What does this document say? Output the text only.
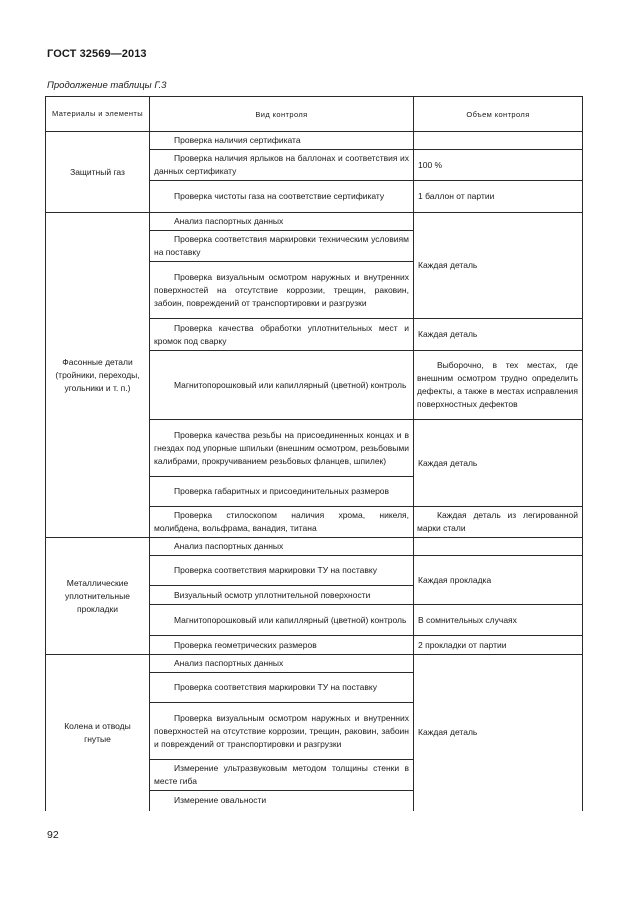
ГОСТ 32569—2013
Продолжение таблицы Г.3
Материалы и элементы	Вид контроля	Объем контроля
Защитный газ	Проверка наличия сертификата	
	Проверка наличия ярлыков на баллонах и соответствия их данных сертификату	100 %
	Проверка чистоты газа на соответствие сертификату	1 баллон от партии
Фасонные детали (тройники, переходы, угольники и т. п.)	Анализ паспортных данных	Каждая деталь
	Проверка соответствия маркировки техническим условиям на поставку	
	Проверка визуальным осмотром наружных и внутренних поверхностей на отсутствие коррозии, трещин, раковин, забоин, повреждений от транспортировки и разгрузки	
	Проверка качества обработки уплотнительных мест и кромок под сварку	Каждая деталь
	Магнитопорошковый или капиллярный (цветной) контроль	Выборочно, в тех местах, где внешним осмотром трудно определить дефекты, а также в местах исправления поверхностных дефектов
	Проверка качества резьбы на присоединенных концах и в гнездах под упорные шпильки (внешним осмотром, резьбовыми калибрами, прокручиванием резьбовых фланцев, шпилек)	Каждая деталь
	Проверка габаритных и присоединительных размеров	
	Проверка стилоскопом наличия хрома, никеля, молибдена, вольфрама, ванадия, титана	Каждая деталь из легированной марки стали
Металлические уплотнительные прокладки	Анализ паспортных данных	
	Проверка соответствия маркировки ТУ на поставку	Каждая прокладка
	Визуальный осмотр уплотнительной поверхности	
	Магнитопорошковый или капиллярный (цветной) контроль	В сомнительных случаях
	Проверка геометрических размеров	2 прокладки от партии
Колена и отводы гнутые	Анализ паспортных данных	Каждая деталь
	Проверка соответствия маркировки ТУ на поставку	
	Проверка визуальным осмотром наружных и внутренних поверхностей на отсутствие коррозии, трещин, раковин, забоин и повреждений от транспортировки и разгрузки	
	Измерение ультразвуковым методом толщины стенки в месте гиба	
	Измерение овальности	
92
